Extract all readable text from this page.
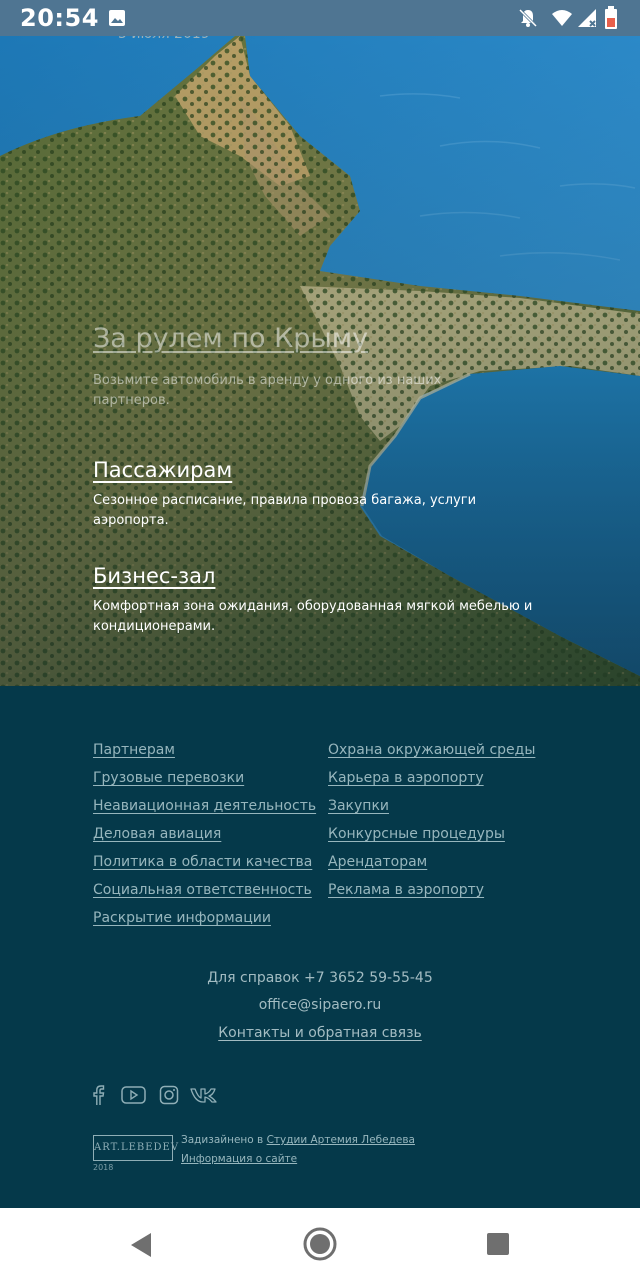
20:54
За рулем по Крыму
Возьмите автомобиль в аренду у одного из наших партнеров.
Пассажирам
Сезонное расписание, правила провоза багажа, услуги аэропорта.
Бизнес-зал
Комфортная зона ожидания, оборудованная мягкой мебелью и кондиционерами.
Партнерам
Грузовые перевозки
Неавиационная деятельность
Деловая авиация
Политика в области качества
Социальная ответственность
Раскрытие информации
Охрана окружающей среды
Карьера в аэропорту
Закупки
Конкурсные процедуры
Арендаторам
Реклама в аэропорту
Для справок +7 3652 59-55-45
office@sipaero.ru
Контакты и обратная связь
ART.LEBEDEV
2018
Задизайнено в Студии Артемия Лебедева
Информация о сайте
